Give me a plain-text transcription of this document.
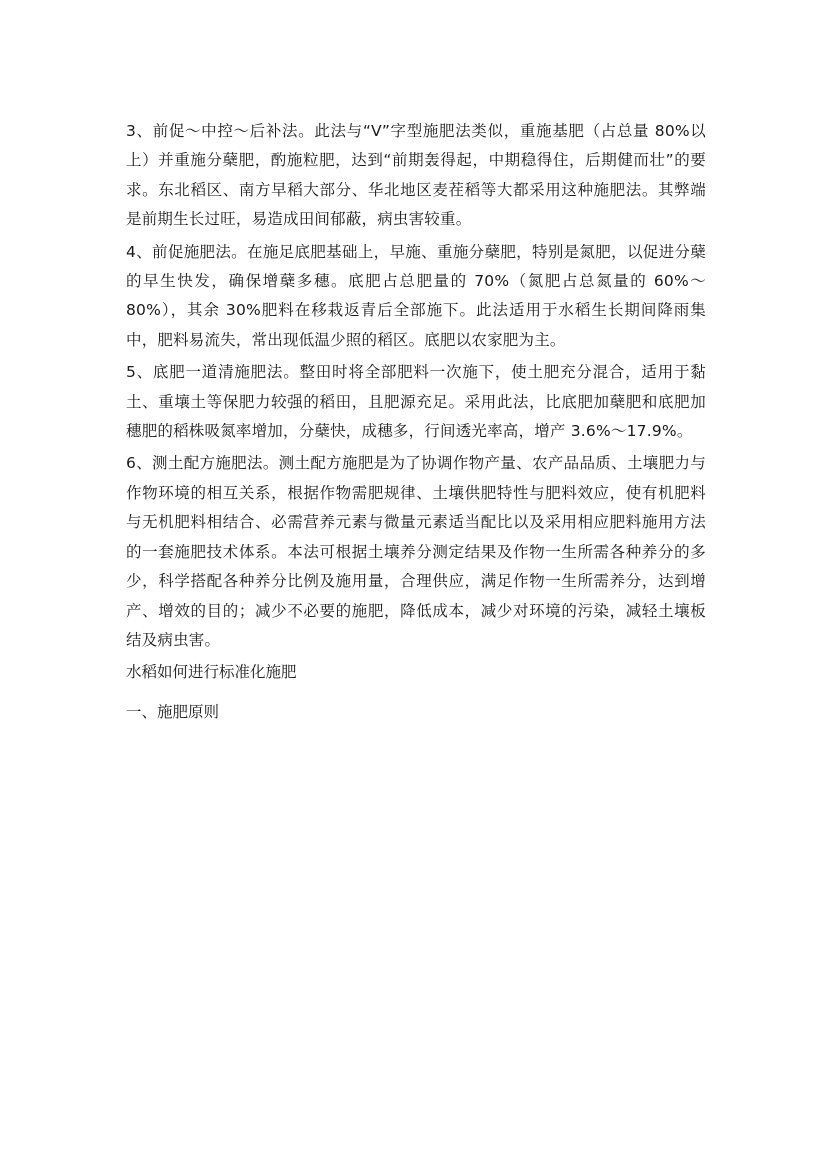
3、前促～中控～后补法。此法与“V”字型施肥法类似，重施基肥（占总量 80%以上）并重施分蘖肥，酌施粒肥，达到“前期轰得起，中期稳得住，后期健而壮”的要求。东北稻区、南方早稻大部分、华北地区麦茬稻等大都采用这种施肥法。其弊端是前期生长过旺，易造成田间郁蔽，病虫害较重。

4、前促施肥法。在施足底肥基础上，早施、重施分蘖肥，特别是氮肥，以促进分蘖的早生快发，确保增蘖多穗。底肥占总肥量的 70%（氮肥占总氮量的 60%～80%），其余 30%肥料在移栽返青后全部施下。此法适用于水稻生长期间降雨集中，肥料易流失，常出现低温少照的稻区。底肥以农家肥为主。

5、底肥一道清施肥法。整田时将全部肥料一次施下，使土肥充分混合，适用于黏土、重壤土等保肥力较强的稻田，且肥源充足。采用此法，比底肥加蘖肥和底肥加穗肥的稻株吸氮率增加，分蘖快，成穗多，行间透光率高，增产 3.6%～17.9%。

6、测土配方施肥法。测土配方施肥是为了协调作物产量、农产品品质、土壤肥力与作物环境的相互关系，根据作物需肥规律、土壤供肥特性与肥料效应，使有机肥料与无机肥料相结合、必需营养元素与微量元素适当配比以及采用相应肥料施用方法的一套施肥技术体系。本法可根据土壤养分测定结果及作物一生所需各种养分的多少，科学搭配各种养分比例及施用量，合理供应，满足作物一生所需养分，达到增产、增效的目的；减少不必要的施肥，降低成本，减少对环境的污染，减轻土壤板结及病虫害。

水稻如何进行标准化施肥

一、施肥原则
